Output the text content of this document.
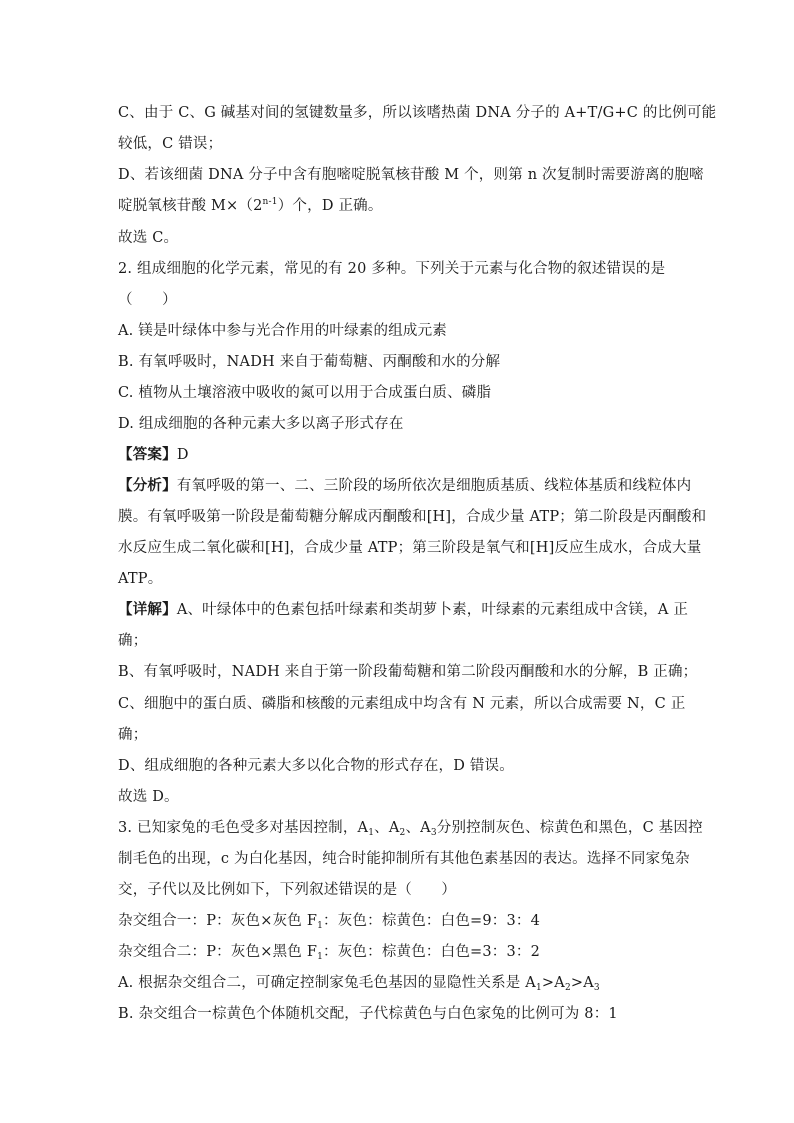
C、由于 C、G 碱基对间的氢键数量多，所以该嗜热菌 DNA 分子的 A+T/G+C 的比例可能
较低，C 错误；
D、若该细菌 DNA 分子中含有胞嘧啶脱氧核苷酸 M 个，则第 n 次复制时需要游离的胞嘧
啶脱氧核苷酸 $M\times(2^{n-1})$个，D 正确。
故选 C。
2. 组成细胞的化学元素，常见的有 20 多种。下列关于元素与化合物的叙述错误的是
（　　）
A. 镁是叶绿体中参与光合作用的叶绿素的组成元素
B. 有氧呼吸时，NADH 来自于葡萄糖、丙酮酸和水的分解
C. 植物从土壤溶液中吸收的氮可以用于合成蛋白质、磷脂
D. 组成细胞的各种元素大多以离子形式存在
【答案】D
【分析】有氧呼吸的第一、二、三阶段的场所依次是细胞质基质、线粒体基质和线粒体内
膜。有氧呼吸第一阶段是葡萄糖分解成丙酮酸和[H]，合成少量 ATP；第二阶段是丙酮酸和
水反应生成二氧化碳和[H]，合成少量 ATP；第三阶段是氧气和[H]反应生成水，合成大量
ATP。
【详解】A、叶绿体中的色素包括叶绿素和类胡萝卜素，叶绿素的元素组成中含镁，A 正
确；
B、有氧呼吸时，NADH 来自于第一阶段葡萄糖和第二阶段丙酮酸和水的分解，B 正确；
C、细胞中的蛋白质、磷脂和核酸的元素组成中均含有 N 元素，所以合成需要 N，C 正
确；
D、组成细胞的各种元素大多以化合物的形式存在，D 错误。
故选 D。
3. 已知家兔的毛色受多对基因控制，$A_1$、$A_2$、$A_3$分别控制灰色、棕黄色和黑色，C 基因控
制毛色的出现，c 为白化基因，纯合时能抑制所有其他色素基因的表达。选择不同家兔杂
交，子代以及比例如下，下列叙述错误的是（　　）
杂交组合一：P：灰色×灰色 $F_1$：灰色：棕黄色：白色=9：3：4
杂交组合二：P：灰色×黑色 $F_1$：灰色：棕黄色：白色=3：3：2
A. 根据杂交组合二，可确定控制家兔毛色基因的显隐性关系是 $A_1>A_2>A_3$
B. 杂交组合一棕黄色个体随机交配，子代棕黄色与白色家兔的比例可为 8：1
